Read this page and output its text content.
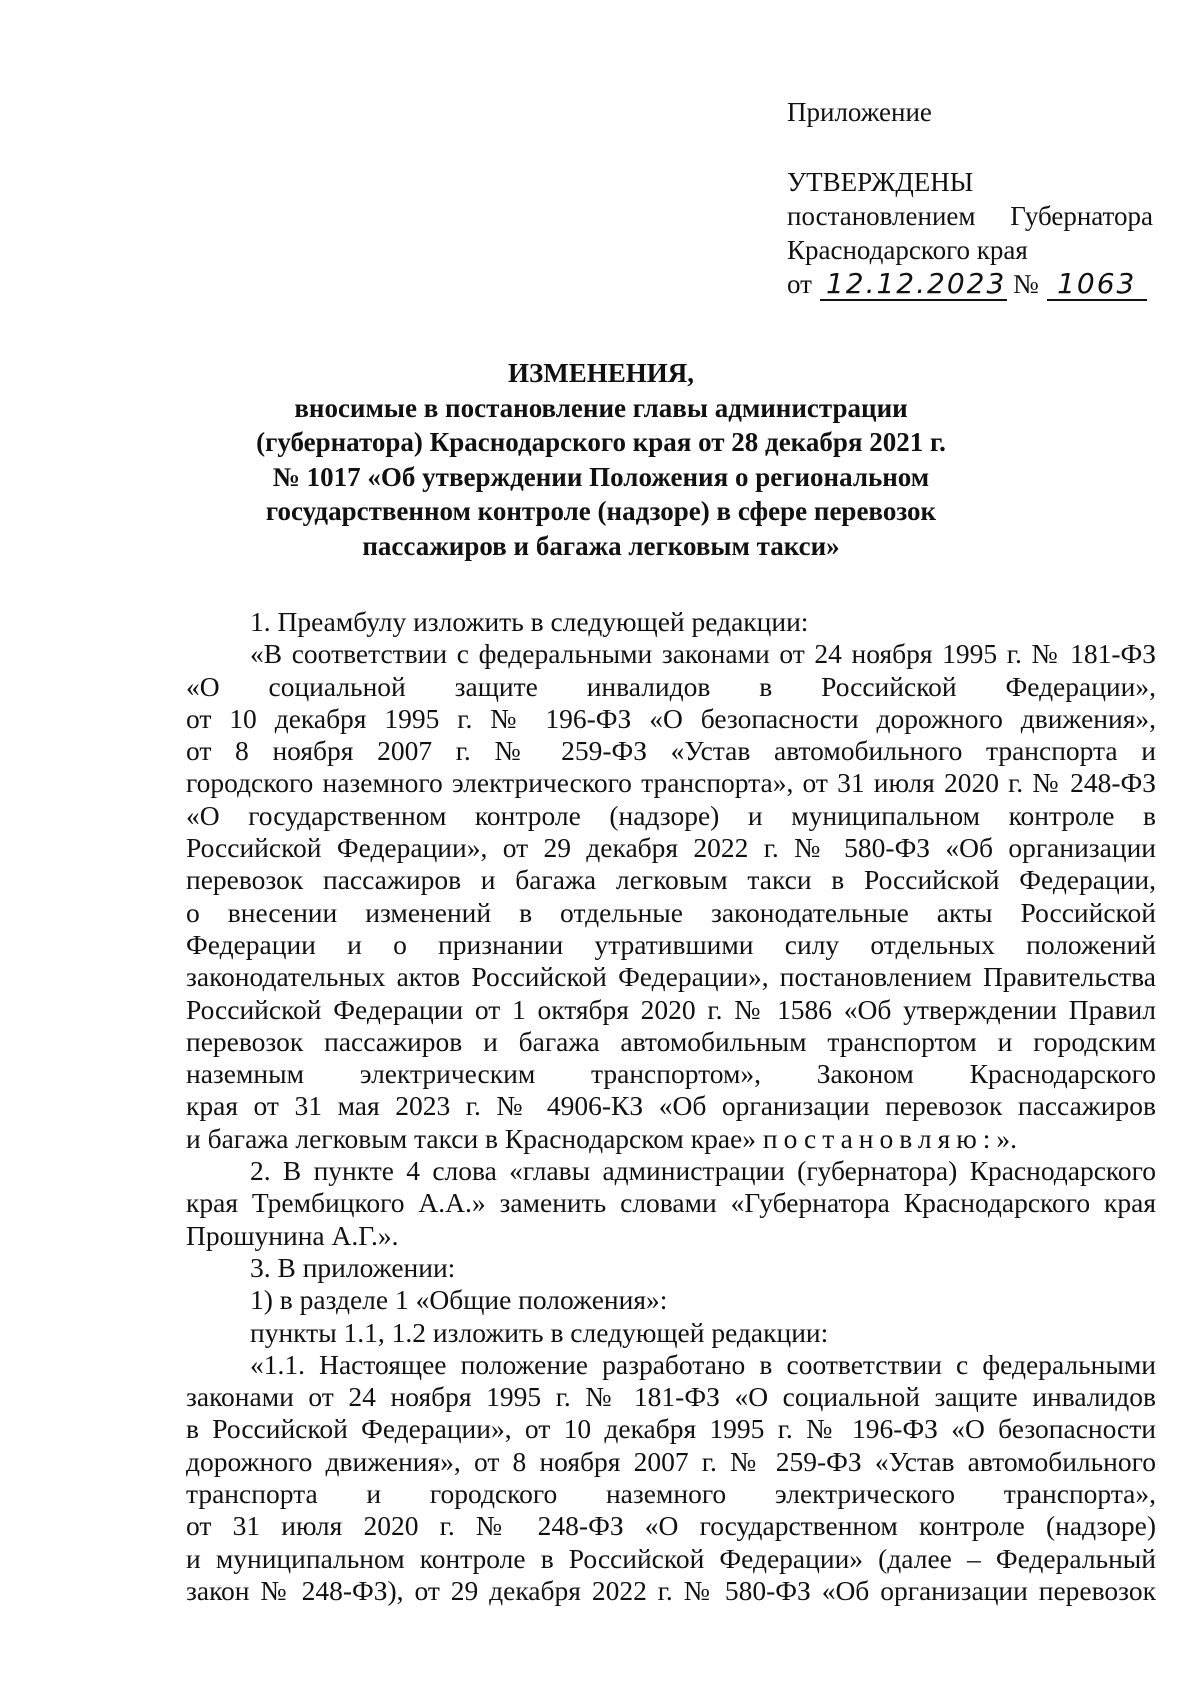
Приложение
УТВЕРЖДЕНЫ
постановлением Губернатора
Краснодарского края
от 12.12.2023 № 1063
ИЗМЕНЕНИЯ,
вносимые в постановление главы администрации
(губернатора) Краснодарского края от 28 декабря 2021 г.
№ 1017 «Об утверждении Положения о региональном
государственном контроле (надзоре) в сфере перевозок
пассажиров и багажа легковым такси»
1. Преамбулу изложить в следующей редакции:
«В соответствии с федеральными законами от 24 ноября 1995 г. № 181-ФЗ
«О социальной защите инвалидов в Российской Федерации»,
от 10 декабря 1995 г. № 196-ФЗ «О безопасности дорожного движения»,
от 8 ноября 2007 г. № 259-ФЗ «Устав автомобильного транспорта и
городского наземного электрического транспорта», от 31 июля 2020 г. № 248-ФЗ
«О государственном контроле (надзоре) и муниципальном контроле в
Российской Федерации», от 29 декабря 2022 г. № 580-ФЗ «Об организации
перевозок пассажиров и багажа легковым такси в Российской Федерации,
о внесении изменений в отдельные законодательные акты Российской
Федерации и о признании утратившими силу отдельных положений
законодательных актов Российской Федерации», постановлением Правительства
Российской Федерации от 1 октября 2020 г. № 1586 «Об утверждении Правил
перевозок пассажиров и багажа автомобильным транспортом и городским
наземным электрическим транспортом», Законом Краснодарского
края от 31 мая 2023 г. № 4906-КЗ «Об организации перевозок пассажиров
и багажа легковым такси в Краснодарском крае» постановляю:».
2. В пункте 4 слова «главы администрации (губернатора) Краснодарского
края Трембицкого А.А.» заменить словами «Губернатора Краснодарского края
Прошунина А.Г.».
3. В приложении:
1) в разделе 1 «Общие положения»:
пункты 1.1, 1.2 изложить в следующей редакции:
«1.1. Настоящее положение разработано в соответствии с федеральными
законами от 24 ноября 1995 г. № 181-ФЗ «О социальной защите инвалидов
в Российской Федерации», от 10 декабря 1995 г. № 196-ФЗ «О безопасности
дорожного движения», от 8 ноября 2007 г. № 259-ФЗ «Устав автомобильного
транспорта и городского наземного электрического транспорта»,
от 31 июля 2020 г. № 248-ФЗ «О государственном контроле (надзоре)
и муниципальном контроле в Российской Федерации» (далее – Федеральный
закон № 248-ФЗ), от 29 декабря 2022 г. № 580-ФЗ «Об организации перевозок
